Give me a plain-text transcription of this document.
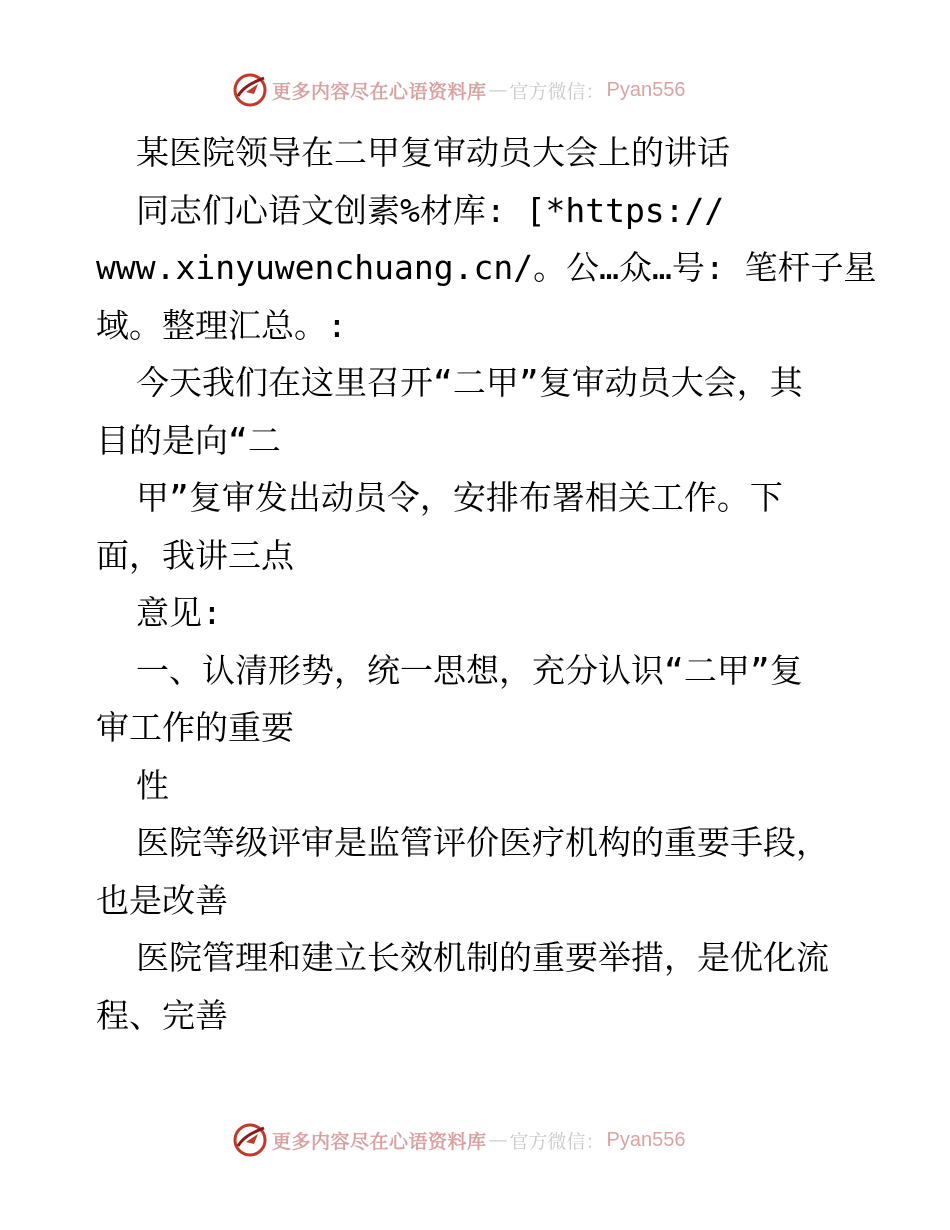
更多内容尽在心语资料库 — 官方微信： Pyan556
某医院领导在二甲复审动员大会上的讲话
同志们心语文创素%材库: [*https://
www.xinyuwenchuang.cn/。公…众…号: 笔杆子星
域。整理汇总。:
今天我们在这里召开“二甲”复审动员大会，其
目的是向“二
甲”复审发出动员令，安排布署相关工作。下
面，我讲三点
意见:
一、认清形势，统一思想，充分认识“二甲”复
审工作的重要
性
医院等级评审是监管评价医疗机构的重要手段，
也是改善
医院管理和建立长效机制的重要举措，是优化流
程、完善
更多内容尽在心语资料库 — 官方微信： Pyan556
